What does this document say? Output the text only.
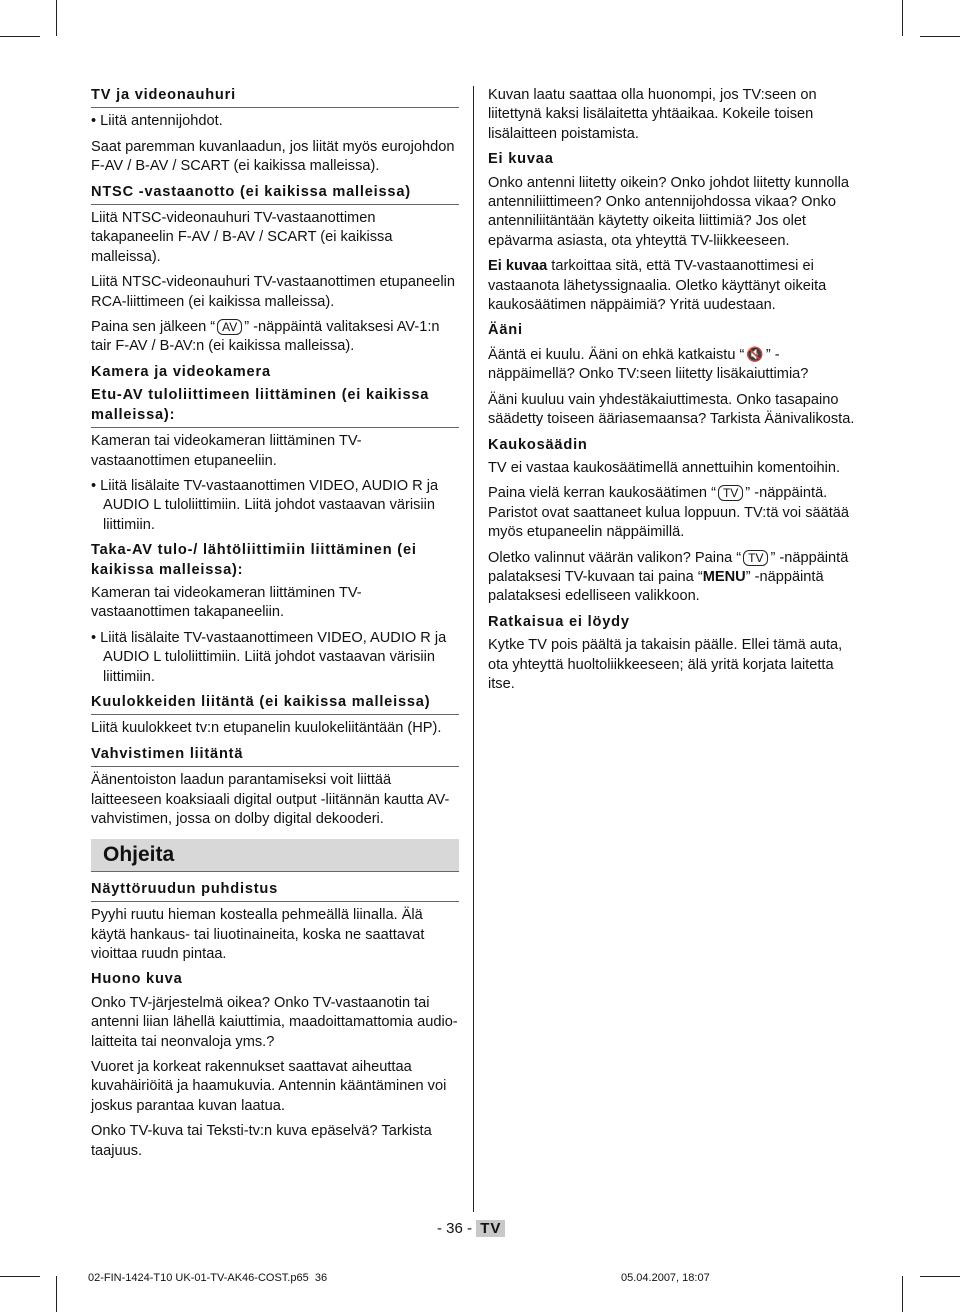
TV ja videonauhuri

• Liitä antennijohdot.

Saat paremman kuvanlaadun, jos liität myös eurojohdon F-AV / B-AV / SCART (ei kaikissa malleissa).

NTSC -vastaanotto (ei kaikissa malleissa)

Liitä NTSC-videonauhuri TV-vastaanottimen takapaneelin F-AV / B-AV / SCART (ei kaikissa malleissa).

Liitä NTSC-videonauhuri TV-vastaanottimen etupaneelin RCA-liittimeen (ei kaikissa malleissa).

Paina sen jälkeen “ AV ” -näppäintä valitaksesi AV-1:n tair F-AV / B-AV:n (ei kaikissa malleissa).

Kamera ja videokamera
Etu-AV tuloliittimeen liittäminen (ei kaikissa malleissa):

Kameran tai videokameran liittäminen TV-vastaanottimen etupaneeliin.

• Liitä lisälaite TV-vastaanottimen VIDEO, AUDIO R ja AUDIO L tuloliittimiin. Liitä johdot vastaavan värisiin liittimiin.

Taka-AV tulo-/ lähtöliittimiin liittäminen (ei kaikissa malleissa):

Kameran tai videokameran liittäminen TV-vastaanottimen takapaneeliin.

• Liitä lisälaite TV-vastaanottimeen VIDEO, AUDIO R ja AUDIO L tuloliittimiin. Liitä johdot vastaavan värisiin liittimiin.

Kuulokkeiden liitäntä (ei kaikissa malleissa)

Liitä kuulokkeet tv:n etupanelin kuulokeliitäntään (HP).

Vahvistimen liitäntä

Äänentoiston laadun parantamiseksi voit liittää laitteeseen koaksiaali digital output -liitännän kautta AV-vahvistimen, jossa on dolby digital dekooderi.

Ohjeita
Näyttöruudun puhdistus

Pyyhi ruutu hieman kostealla pehmeällä liinalla. Älä käytä hankaus- tai liuotinaineita, koska ne saattavat vioittaa ruudn pintaa.

Huono kuva

Onko TV-järjestelmä oikea? Onko TV-vastaanotin tai antenni liian lähellä kaiuttimia, maadoittamattomia audio-laitteita tai neonvaloja yms.?

Vuoret ja korkeat rakennukset saattavat aiheuttaa kuvahäiriöitä ja haamukuvia. Antennin kääntäminen voi joskus parantaa kuvan laatua.

Onko TV-kuva tai Teksti-tv:n kuva epäselvä? Tarkista taajuus.

Kuvan laatu saattaa olla huonompi, jos TV:seen on liitettynä kaksi lisälaitetta yhtäaikaa. Kokeile toisen lisälaitteen poistamista.

Ei kuvaa

Onko antenni liitetty oikein? Onko johdot liitetty kunnolla antenniliittimeen? Onko antennijohdossa vikaa? Onko antenniliitäntään käytetty oikeita liittimiä? Jos olet epävarma asiasta, ota yhteyttä TV-liikkeeseen.

Ei kuvaa tarkoittaa sitä, että TV-vastaanottimesi ei vastaanota lähetyssignaalia. Oletko käyttänyt oikeita kaukosäätimen näppäimiä? Yritä uudestaan.

Ääni

Ääntä ei kuulu. Ääni on ehkä katkaistu “ 🔇 ” -näppäimellä? Onko TV:seen liitetty lisäkaiuttimia?

Ääni kuuluu vain yhdestäkaiuttimesta. Onko tasapaino säädetty toiseen ääriasemaansa? Tarkista Äänivalikosta.

Kaukosäädin

TV ei vastaa kaukosäätimellä annettuihin komentoihin.

Paina vielä kerran kaukosäätimen “ TV ” -näppäintä. Paristot ovat saattaneet kulua loppuun. TV:tä voi säätää myös etupaneelin näppäimillä.

Oletko valinnut väärän valikon? Paina “ TV ” -näppäintä palataksesi TV-kuvaan tai paina “MENU” -näppäintä palataksesi edelliseen valikkoon.

Ratkaisua ei löydy

Kytke TV pois päältä ja takaisin päälle. Ellei tämä auta, ota yhteyttä huoltoliikkeeseen; älä yritä korjata laitetta itse.

- 36 - TV
02-FIN-1424-T10 UK-01-TV-AK46-COST.p65 36	05.04.2007, 18:07
